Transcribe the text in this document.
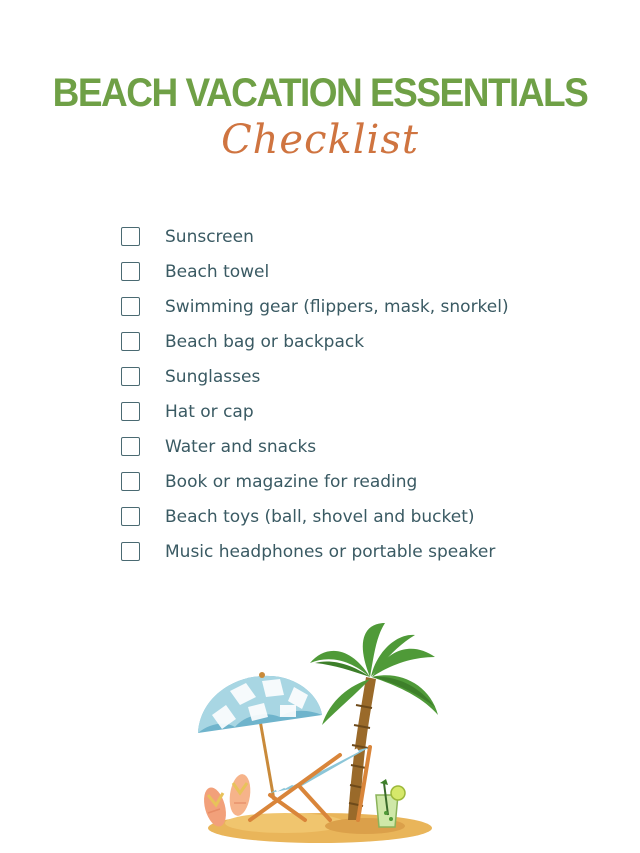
BEACH VACATION ESSENTIALS
Checklist
Sunscreen
Beach towel
Swimming gear (flippers, mask, snorkel)
Beach bag or backpack
Sunglasses
Hat or cap
Water and snacks
Book or magazine for reading
Beach toys (ball, shovel and bucket)
Music headphones or portable speaker
